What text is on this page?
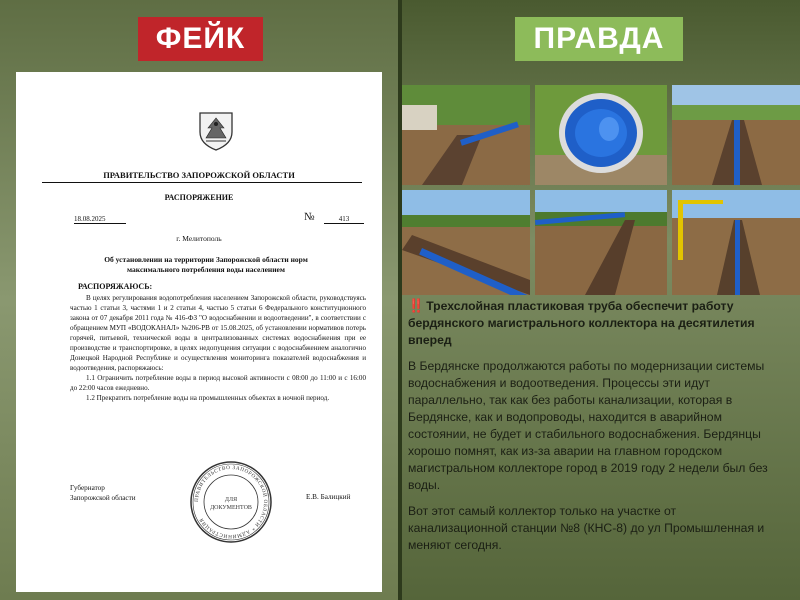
ФЕЙК	ПРАВДА
ПРАВИТЕЛЬСТВО ЗАПОРОЖСКОЙ ОБЛАСТИ
РАСПОРЯЖЕНИЕ
18.08.2025	№	413
г. Мелитополь
Об установлении на территории Запорожской области норм максимального потребления воды населением
РАСПОРЯЖАЮСЬ:

В целях регулирования водопотребления населением Запорожской области, руководствуясь частью 1 статьи 3, частями 1 и 2 статьи 4, частью 5 статьи 6 Федерального конституционного закона от 07 декабря 2011 года № 416-ФЗ "О водоснабжении и водоотведении", в соответствии с обращением МУП «ВОДОКАНАЛ» №206-РВ от 15.08.2025, об установлении нормативов потерь горячей, питьевой, технической воды в централизованных системах водоснабжения при ее производстве и транспортировке, в целях недопущения ситуации с водоснабжением аналогично Донецкой Народной Республике и осуществления мониторинга показателей водоснабжения и водоотведения, распоряжаюсь:

1.1 Ограничить потребление воды в период высокой активности с 08:00 до 11:00 и с 16:00 до 22:00 часов ежедневно.

1.2 Прекратить потребление воды на промышленных объектах в ночной период.

Губернатор
Запорожской области	Е.В. Балицкий
ПРАВИТЕЛЬСТВО ЗАПОРОЖСКОЙ ОБЛАСТИ * АДМИНИСТРАЦИЯ
ДЛЯ
ДОКУМЕНТОВ

‼️ Трехслойная пластиковая труба обеспечит работу бердянского магистрального коллектора на десятилетия вперед

В Бердянске продолжаются работы по модернизации системы водоснабжения и водоотведения. Процессы эти идут параллельно, так как без работы канализации, которая в Бердянске, как и водопроводы, находится в аварийном состоянии, не будет и стабильного водоснабжения. Бердянцы хорошо помнят, как из-за аварии на главном городском магистральном коллекторе город в 2019 году 2 недели был без воды.

Вот этот самый коллектор только на участке от канализационной станции №8 (КНС-8) до ул Промышленная и меняют сегодня.
